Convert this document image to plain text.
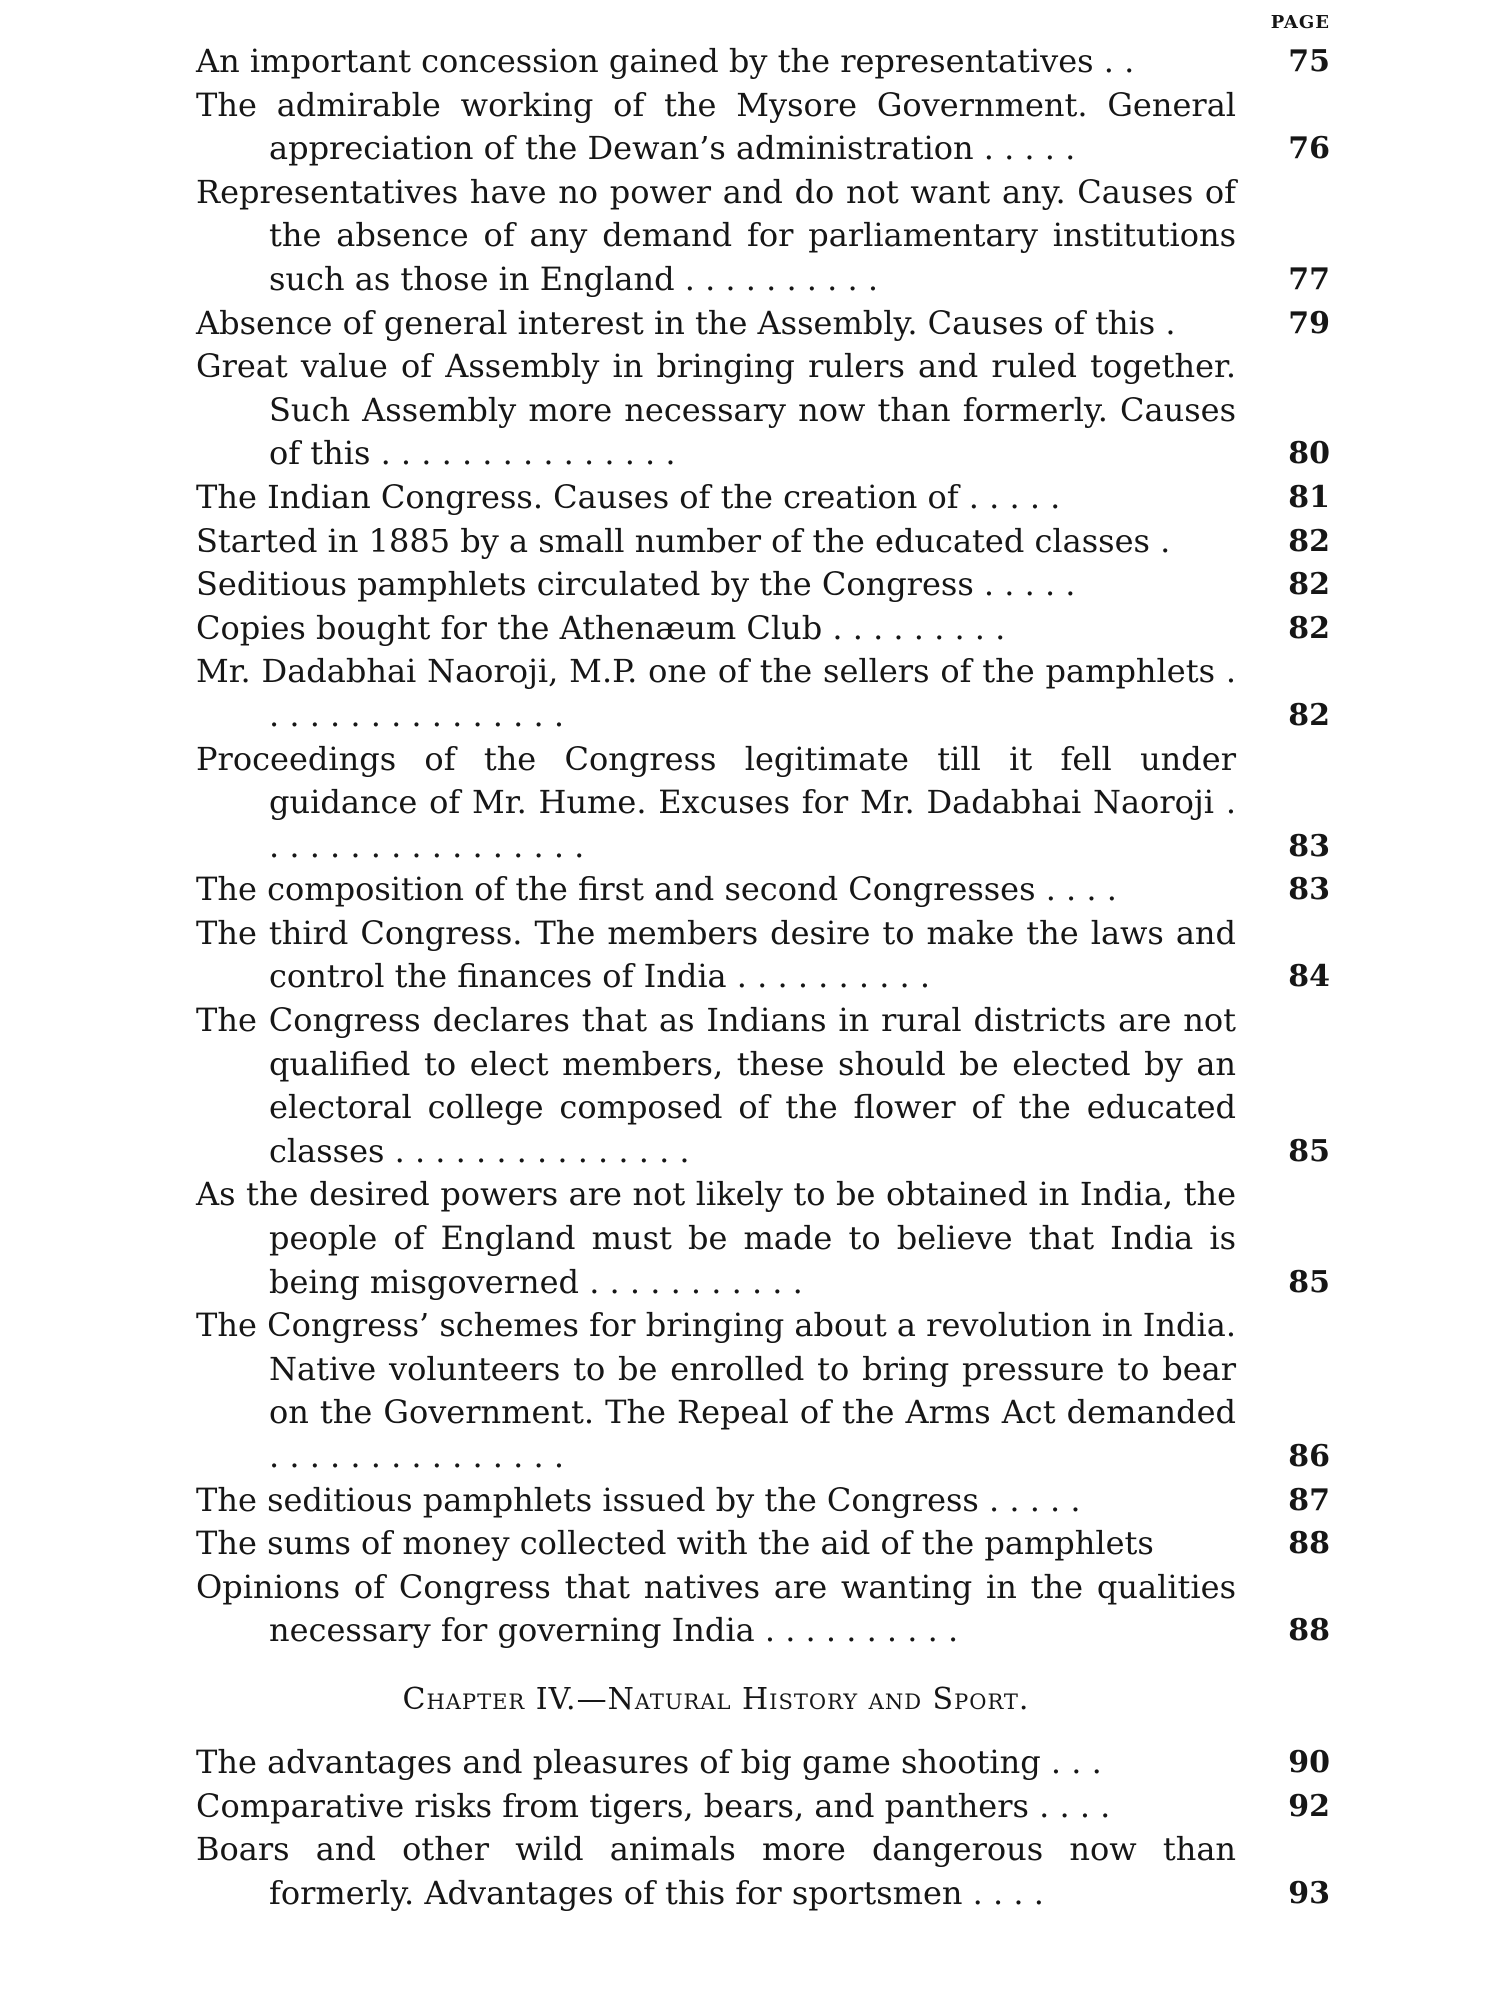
PAGE
An important concession gained by the representatives . .	75
The admirable working of the Mysore Government. General appreciation of the Dewan’s administration . . . . .	76
Representatives have no power and do not want any. Causes of the absence of any demand for parliamentary institutions such as those in England . . . . . . . . . .	77
Absence of general interest in the Assembly. Causes of this .	79
Great value of Assembly in bringing rulers and ruled together. Such Assembly more necessary now than formerly. Causes of this . . . . . . . . . . . . . . .	80
The Indian Congress. Causes of the creation of . . . . .	81
Started in 1885 by a small number of the educated classes .	82
Seditious pamphlets circulated by the Congress . . . . .	82
Copies bought for the Athenæum Club . . . . . . . . .	82
Mr. Dadabhai Naoroji, M.P. one of the sellers of the pamphlets . . . . . . . . . . . . . . . .	82
Proceedings of the Congress legitimate till it fell under guidance of Mr. Hume. Excuses for Mr. Dadabhai Naoroji . . . . . . . . . . . . . . . . .	83
The composition of the first and second Congresses . . . .	83
The third Congress. The members desire to make the laws and control the finances of India . . . . . . . . . .	84
The Congress declares that as Indians in rural districts are not qualified to elect members, these should be elected by an electoral college composed of the flower of the educated classes . . . . . . . . . . . . . . .	85
As the desired powers are not likely to be obtained in India, the people of England must be made to believe that India is being misgoverned . . . . . . . . . . .	85
The Congress’ schemes for bringing about a revolution in India. Native volunteers to be enrolled to bring pressure to bear on the Government. The Repeal of the Arms Act demanded . . . . . . . . . . . . . . .	86
The seditious pamphlets issued by the Congress . . . . .	87
The sums of money collected with the aid of the pamphlets	88
Opinions of Congress that natives are wanting in the qualities necessary for governing India . . . . . . . . . .	88
Chapter IV.—Natural History and Sport.
The advantages and pleasures of big game shooting . . .	90
Comparative risks from tigers, bears, and panthers . . . .	92
Boars and other wild animals more dangerous now than formerly. Advantages of this for sportsmen . . . .	93
